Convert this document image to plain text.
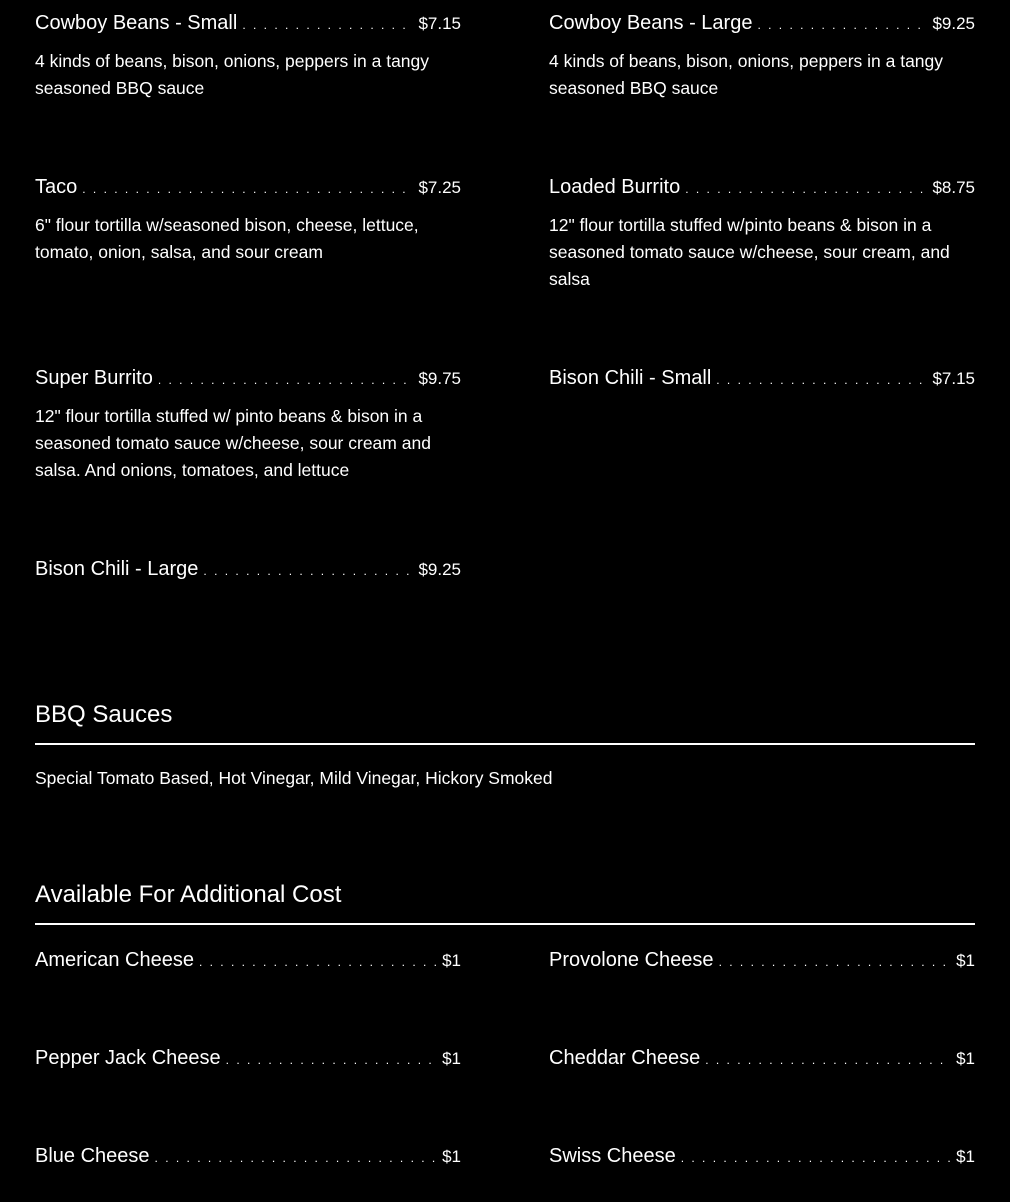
Cowboy Beans - Small . . .	$7.15
4 kinds of beans, bison, onions, peppers in a tangy seasoned BBQ sauce
Cowboy Beans - Large . . .	$9.25
4 kinds of beans, bison, onions, peppers in a tangy seasoned BBQ sauce
Taco . . .	$7.25
6" flour tortilla w/seasoned bison, cheese, lettuce, tomato, onion, salsa, and sour cream
Loaded Burrito . . .	$8.75
12" flour tortilla stuffed w/pinto beans & bison in a seasoned tomato sauce w/cheese, sour cream, and salsa
Super Burrito . . .	$9.75
12" flour tortilla stuffed w/ pinto beans & bison in a seasoned tomato sauce w/cheese, sour cream and salsa. And onions, tomatoes, and lettuce
Bison Chili - Small . . .	$7.15
Bison Chili - Large . . .	$9.25
BBQ Sauces
Special Tomato Based, Hot Vinegar, Mild Vinegar, Hickory Smoked
Available For Additional Cost
American Cheese . . .	$1	Provolone Cheese . . .	$1
Pepper Jack Cheese . . .	$1	Cheddar Cheese . . .	$1
Blue Cheese . . .	$1	Swiss Cheese . . .	$1
